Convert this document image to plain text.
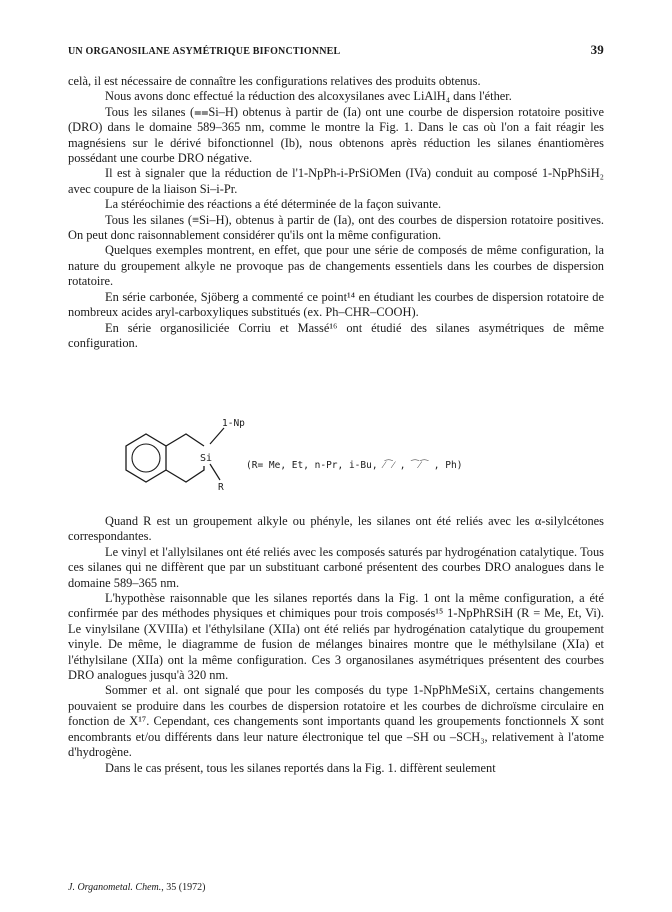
UN ORGANOSILANE ASYMÉTRIQUE BIFONCTIONNEL	39

celà, il est nécessaire de connaître les configurations relatives des produits obtenus.

Nous avons donc effectué la réduction des alcoxysilanes avec LiAlH₄ dans l'éther.

Tous les silanes (⩵Si–H) obtenus à partir de (Ia) ont une courbe de dispersion rotatoire positive (DRO) dans le domaine 589–365 nm, comme le montre la Fig. 1. Dans le cas où l'on a fait réagir les magnésiens sur le dérivé bifonctionnel (Ib), nous obtenons après réduction les silanes énantiomères possédant une courbe DRO négative.

Il est à signaler que la réduction de l'1-NpPh-i-PrSiOMen (IVa) conduit au composé 1-NpPhSiH₂ avec coupure de la liaison Si–i-Pr.

La stéréochimie des réactions a été déterminée de la façon suivante.

Tous les silanes (≡Si–H), obtenus à partir de (Ia), ont des courbes de dispersion rotatoire positives. On peut donc raisonnablement considérer qu'ils ont la même configuration.

Quelques exemples montrent, en effet, que pour une série de composés de même configuration, la nature du groupement alkyle ne provoque pas de changements essentiels dans les courbes de dispersion rotatoire.

En série carbonée, Sjöberg a commenté ce point¹⁴ en étudiant les courbes de dispersion rotatoire de nombreux acides aryl-carboxyliques substitués (ex. Ph–CHR–COOH).

En série organosiliciée Corriu et Massé¹⁶ ont étudié des silanes asymétriques de même configuration.

Si
1-Np
R
(R= Me, Et, n-Pr, i-Bu, ⁄⁀⁄ , ⁀⁄⁀ , Ph)

Quand R est un groupement alkyle ou phényle, les silanes ont été reliés avec les α-silylcétones correspondantes.

Le vinyl et l'allylsilanes ont été reliés avec les composés saturés par hydrogénation catalytique. Tous ces silanes qui ne diffèrent que par un substituant carboné présentent des courbes DRO analogues dans le domaine 589–365 nm.

L'hypothèse raisonnable que les silanes reportés dans la Fig. 1 ont la même configuration, a été confirmée par des méthodes physiques et chimiques pour trois composés¹⁵ 1-NpPhRSiH (R = Me, Et, Vi). Le vinylsilane (XVIIIa) et l'éthylsilane (XIIa) ont été reliés par hydrogénation catalytique du groupement vinyle. De même, le diagramme de fusion de mélanges binaires montre que le méthylsilane (XIa) et l'éthylsilane (XIIa) ont la même configuration. Ces 3 organosilanes asymétriques présentent des courbes DRO analogues jusqu'à 320 nm.

Sommer et al. ont signalé que pour les composés du type 1-NpPhMeSiX, certains changements pouvaient se produire dans les courbes de dispersion rotatoire et les courbes de dichroïsme circulaire en fonction de X¹⁷. Cependant, ces changements sont importants quand les groupements fonctionnels X sont encombrants et/ou différents dans leur nature électronique tel que –SH ou –SCH₃, relativement à l'atome d'hydrogène.

Dans le cas présent, tous les silanes reportés dans la Fig. 1. diffèrent seulement

J. Organometal. Chem., 35 (1972)
